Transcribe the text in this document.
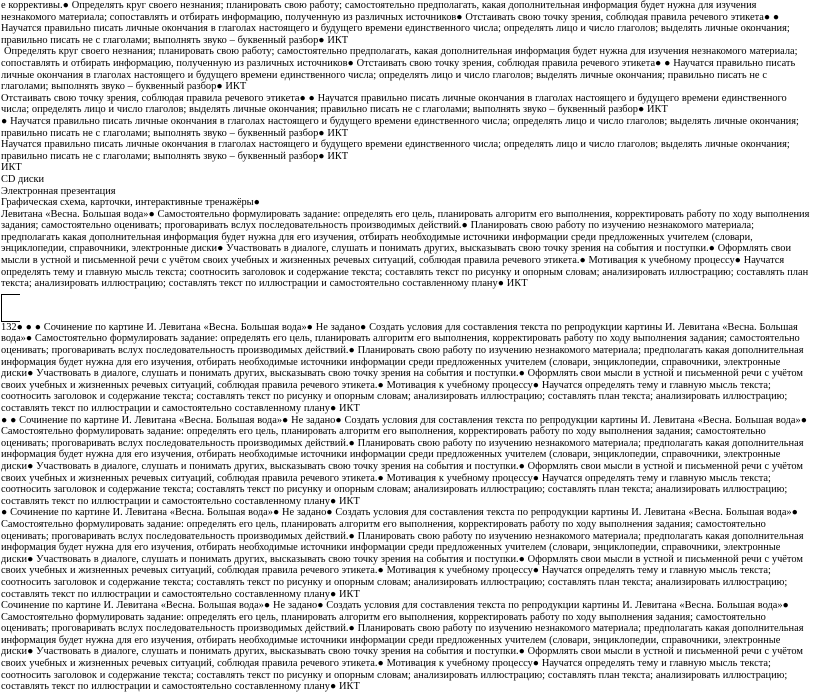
е коррективы.● Определять круг своего незнания; планировать свою работу; самостоятельно предполагать, какая дополнительная информация будет нужна для изучения незнакомого материала; сопоставлять и отбирать информацию, полученную из различных источников● Отстаивать свою точку зрения, соблюдая правила речевого этикета● ● Научатся правильно писать личные окончания в глаголах настоящего и будущего времени единственного числа; определять лицо и число глаголов; выделять личные окончания; правильно писать не с глаголами; выполнять звуко – буквенный разбор● ИКТ

Определять круг своего незнания; планировать свою работу; самостоятельно предполагать, какая дополнительная информация будет нужна для изучения незнакомого материала; сопоставлять и отбирать информацию, полученную из различных источников● Отстаивать свою точку зрения, соблюдая правила речевого этикета● ● Научатся правильно писать личные окончания в глаголах настоящего и будущего времени единственного числа; определять лицо и число глаголов; выделять личные окончания; правильно писать не с глаголами; выполнять звуко – буквенный разбор● ИКТ

Отстаивать свою точку зрения, соблюдая правила речевого этикета● ● Научатся правильно писать личные окончания в глаголах настоящего и будущего времени единственного числа; определять лицо и число глаголов; выделять личные окончания; правильно писать не с глаголами; выполнять звуко – буквенный разбор● ИКТ

● Научатся правильно писать личные окончания в глаголах настоящего и будущего времени единственного числа; определять лицо и число глаголов; выделять личные окончания; правильно писать не с глаголами; выполнять звуко – буквенный разбор● ИКТ

Научатся правильно писать личные окончания в глаголах настоящего и будущего времени единственного числа; определять лицо и число глаголов; выделять личные окончания; правильно писать не с глаголами; выполнять звуко – буквенный разбор● ИКТ

ИКТ

CD диски

Электронная презентация

Графическая схема, карточки, интерактивные тренажёры●

Левитана «Весна. Большая вода»● Самостоятельно формулировать задание: определять его цель, планировать алгоритм его выполнения, корректировать работу по ходу выполнения задания; самостоятельно оценивать; проговаривать вслух последовательность производимых действий.● Планировать свою работу по изучению незнакомого материала; предполагать какая дополнительная информация будет нужна для его изучения, отбирать необходимые источники информации среди предложенных учителем (словари, энциклопедии, справочники, электронные диски● Участвовать в диалоге, слушать и понимать других, высказывать свою точку зрения на события и поступки.● Оформлять свои мысли в устной и письменной речи с учётом своих учебных и жизненных речевых ситуаций, соблюдая правила речевого этикета.● Мотивация к учебному процессу● Научатся определять тему и главную мысль текста; соотносить заголовок и содержание текста; составлять текст по рисунку и опорным словам; анализировать иллюстрацию; составлять план текста; анализировать иллюстрацию; составлять текст по иллюстрации и самостоятельно составленному плану● ИКТ

132● ● ● Сочинение по картине И. Левитана «Весна. Большая вода»● Не задано● Создать условия для составления текста по репродукции картины И. Левитана «Весна. Большая вода»● Самостоятельно формулировать задание: определять его цель, планировать алгоритм его выполнения, корректировать работу по ходу выполнения задания; самостоятельно оценивать; проговаривать вслух последовательность производимых действий.● Планировать свою работу по изучению незнакомого материала; предполагать какая дополнительная информация будет нужна для его изучения, отбирать необходимые источники информации среди предложенных учителем (словари, энциклопедии, справочники, электронные диски● Участвовать в диалоге, слушать и понимать других, высказывать свою точку зрения на события и поступки.● Оформлять свои мысли в устной и письменной речи с учётом своих учебных и жизненных речевых ситуаций, соблюдая правила речевого этикета.● Мотивация к учебному процессу● Научатся определять тему и главную мысль текста; соотносить заголовок и содержание текста; составлять текст по рисунку и опорным словам; анализировать иллюстрацию; составлять план текста; анализировать иллюстрацию; составлять текст по иллюстрации и самостоятельно составленному плану● ИКТ

● ● Сочинение по картине И. Левитана «Весна. Большая вода»● Не задано● Создать условия для составления текста по репродукции картины И. Левитана «Весна. Большая вода»● Самостоятельно формулировать задание: определять его цель, планировать алгоритм его выполнения, корректировать работу по ходу выполнения задания; самостоятельно оценивать; проговаривать вслух последовательность производимых действий.● Планировать свою работу по изучению незнакомого материала; предполагать какая дополнительная информация будет нужна для его изучения, отбирать необходимые источники информации среди предложенных учителем (словари, энциклопедии, справочники, электронные диски● Участвовать в диалоге, слушать и понимать других, высказывать свою точку зрения на события и поступки.● Оформлять свои мысли в устной и письменной речи с учётом своих учебных и жизненных речевых ситуаций, соблюдая правила речевого этикета.● Мотивация к учебному процессу● Научатся определять тему и главную мысль текста; соотносить заголовок и содержание текста; составлять текст по рисунку и опорным словам; анализировать иллюстрацию; составлять план текста; анализировать иллюстрацию; составлять текст по иллюстрации и самостоятельно составленному плану● ИКТ

● Сочинение по картине И. Левитана «Весна. Большая вода»● Не задано● Создать условия для составления текста по репродукции картины И. Левитана «Весна. Большая вода»● Самостоятельно формулировать задание: определять его цель, планировать алгоритм его выполнения, корректировать работу по ходу выполнения задания; самостоятельно оценивать; проговаривать вслух последовательность производимых действий.● Планировать свою работу по изучению незнакомого материала; предполагать какая дополнительная информация будет нужна для его изучения, отбирать необходимые источники информации среди предложенных учителем (словари, энциклопедии, справочники, электронные диски● Участвовать в диалоге, слушать и понимать других, высказывать свою точку зрения на события и поступки.● Оформлять свои мысли в устной и письменной речи с учётом своих учебных и жизненных речевых ситуаций, соблюдая правила речевого этикета.● Мотивация к учебному процессу● Научатся определять тему и главную мысль текста; соотносить заголовок и содержание текста; составлять текст по рисунку и опорным словам; анализировать иллюстрацию; составлять план текста; анализировать иллюстрацию; составлять текст по иллюстрации и самостоятельно составленному плану● ИКТ

Сочинение по картине И. Левитана «Весна. Большая вода»● Не задано● Создать условия для составления текста по репродукции картины И. Левитана «Весна. Большая вода»● Самостоятельно формулировать задание: определять его цель, планировать алгоритм его выполнения, корректировать работу по ходу выполнения задания; самостоятельно оценивать; проговаривать вслух последовательность производимых действий.● Планировать свою работу по изучению незнакомого материала; предполагать какая дополнительная информация будет нужна для его изучения, отбирать необходимые источники информации среди предложенных учителем (словари, энциклопедии, справочники, электронные диски● Участвовать в диалоге, слушать и понимать других, высказывать свою точку зрения на события и поступки.● Оформлять свои мысли в устной и письменной речи с учётом своих учебных и жизненных речевых ситуаций, соблюдая правила речевого этикета.● Мотивация к учебному процессу● Научатся определять тему и главную мысль текста; соотносить заголовок и содержание текста; составлять текст по рисунку и опорным словам; анализировать иллюстрацию; составлять план текста; анализировать иллюстрацию; составлять текст по иллюстрации и самостоятельно составленному плану● ИКТ
